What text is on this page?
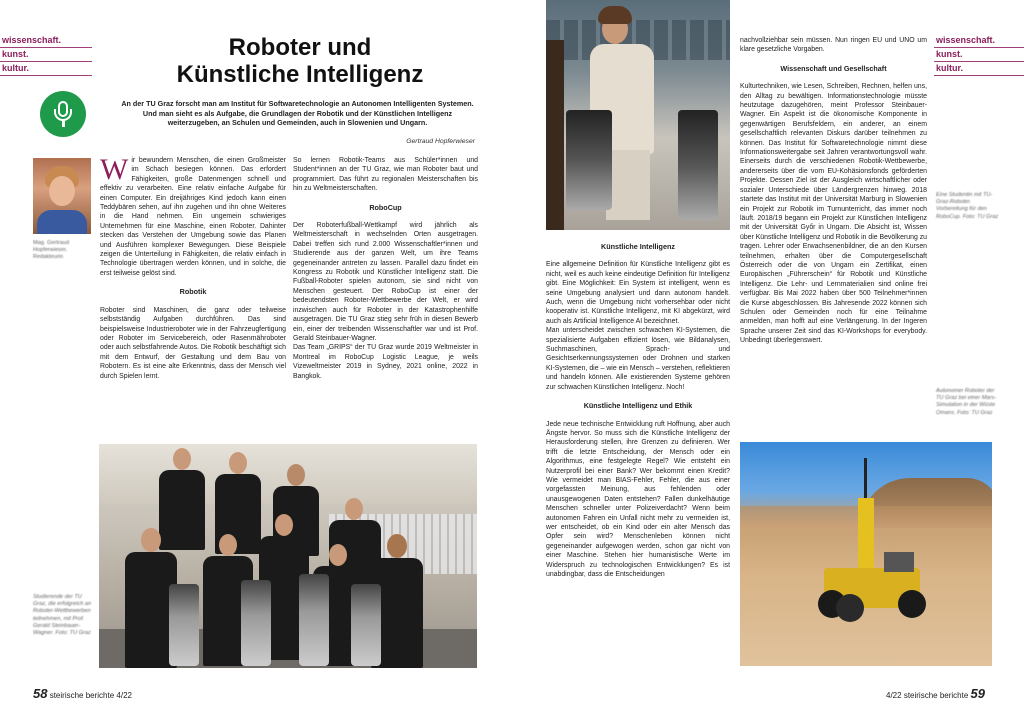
wissenschaft.
kunst.
kultur.
Roboter und
Künstliche Intelligenz
An der TU Graz forscht man am Institut für Softwaretechnologie an Autonomen Intelligenten Systemen. Und man sieht es als Aufgabe, die Grundlagen der Robotik und der Künstlichen Intelligenz weiterzugeben, an Schulen und Gemeinden, auch in Slowenien und Ungarn.
Gertraud Hopferwieser
Mag. Gertraud Hopferwieser, Redakteurin

Wir bewundern Menschen, die einen Großmeister im Schach besiegen können. Das erfordert Fähigkeiten, große Datenmengen schnell und effektiv zu verarbeiten. Eine relativ einfache Aufgabe für einen Computer. Ein dreijähriges Kind jedoch kann einen Teddybären sehen, auf ihn zugehen und ihn ohne Weiteres in die Hand nehmen. Ein ungemein schwieriges Unternehmen für eine Maschine, einen Roboter. Dahinter stecken das Verstehen der Umgebung sowie das Planen und Ausführen komplexer Bewegungen. Diese Beispiele zeigen die Unterteilung in Fähigkeiten, die relativ einfach in Technologie übertragen werden können, und in solche, die erst teilweise gelöst sind.

Robotik

Roboter sind Maschinen, die ganz oder teilweise selbstständig Aufgaben durchführen. Das sind beispielsweise Industrieroboter wie in der Fahrzeugfertigung oder Roboter im Servicebereich, oder Rasenmähroboter oder auch selbstfahrende Autos. Die Robotik beschäftigt sich mit dem Entwurf, der Gestaltung und dem Bau von Robotern. Es ist eine alte Erkenntnis, dass der Mensch viel durch Spielen lernt.

So lernen Robotik-Teams aus Schüler*innen und Student*innen an der TU Graz, wie man Roboter baut und programmiert. Das führt zu regionalen Meisterschaften bis hin zu Weltmeisterschaften.

RoboCup

Der Roboterfußball-Wettkampf wird jährlich als Weltmeisterschaft in wechselnden Orten ausgetragen. Dabei treffen sich rund 2.000 Wissenschaftler*innen und Studierende aus der ganzen Welt, um ihre Teams gegeneinander antreten zu lassen. Parallel dazu findet ein Kongress zu Robotik und Künstlicher Intelligenz statt. Die Fußball-Roboter spielen autonom, sie sind nicht von Menschen gesteuert. Der RoboCup ist einer der bedeutendsten Roboter-Wettbewerbe der Welt, er wird inzwischen auch für Roboter in der Katastrophenhilfe ausgetragen. Die TU Graz stieg sehr früh in diesen Bewerb ein, einer der treibenden Wissenschaftler war und ist Prof. Gerald Steinbauer-Wagner.

Das Team „GRIPS“ der TU Graz wurde 2019 Weltmeister in Montreal im RoboCup Logistic League, je weils Vizeweltmeister 2019 in Sydney, 2021 online, 2022 in Bangkok.

Studierende der TU Graz, die erfolgreich an Roboter-Wettbewerben teilnehmen, mit Prof. Gerald Steinbauer-Wagner. Foto: TU Graz
58 steirische berichte 4/22
wissenschaft.
kunst.
kultur.
Künstliche Intelligenz

Eine allgemeine Definition für Künstliche Intelligenz gibt es nicht, weil es auch keine eindeutige Definition für Intelligenz gibt. Eine Möglichkeit: Ein System ist intelligent, wenn es seine Umgebung analysiert und dann autonom handelt. Auch, wenn die Umgebung nicht vorhersehbar oder nicht kooperativ ist. Künstliche Intelligenz, mit KI abgekürzt, wird auch als Artificial Intelligence AI bezeichnet.

Man unterscheidet zwischen schwachen KI-Systemen, die spezialisierte Aufgaben effizient lösen, wie Bildanalysen, Suchmaschinen, Sprach- und Gesichtserkennungssystemen oder Drohnen und starken KI-Systemen, die – wie ein Mensch – verstehen, reflektieren und handeln können. Alle existierenden Systeme gehören zur schwachen Künstlichen Intelligenz. Noch!

Künstliche Intelligenz und Ethik

Jede neue technische Entwicklung ruft Hoffnung, aber auch Ängste hervor. So muss sich die Künstliche Intelligenz der Herausforderung stellen, ihre Grenzen zu definieren. Wer trifft die letzte Entscheidung, der Mensch oder ein Algorithmus, eine festgelegte Regel? Wie entsteht ein Nutzerprofil bei einer Bank? Wer bekommt einen Kredit? Wie vermeidet man BIAS-Fehler, Fehler, die aus einer vorgefassten Meinung, aus fehlenden oder unausgewogenen Daten entstehen? Fallen dunkelhäutige Menschen schneller unter Polizeiverdacht? Wenn beim autonomen Fahren ein Unfall nicht mehr zu vermeiden ist, wer entscheidet, ob ein Kind oder ein alter Mensch das Opfer sein wird? Menschenleben können nicht gegeneinander aufgewogen werden, schon gar nicht von einer Maschine. Stehen hier humanistische Werte im Widerspruch zu technologischen Entwicklungen? Es ist unabdingbar, dass die Entscheidungen

nachvollziehbar sein müssen. Nun ringen EU und UNO um klare gesetzliche Vorgaben.

Wissenschaft und Gesellschaft

Kulturtechniken, wie Lesen, Schreiben, Rechnen, helfen uns, den Alltag zu bewältigen. Informationstechnologie müsste heutzutage dazugehören, meint Professor Steinbauer-Wagner. Ein Aspekt ist die ökonomische Komponente in gegenwärtigen Berufsfeldern, ein anderer, an einem gesellschaftlich relevanten Diskurs darüber teilnehmen zu können. Das Institut für Softwaretechnologie nimmt diese Informationsweitergabe seit Jahren verantwortungsvoll wahr. Einerseits durch die verschiedenen Robotik-Wettbewerbe, andererseits über die vom EU-Kohäsionsfonds geförderten Projekte. Dessen Ziel ist der Ausgleich wirtschaftlicher oder sozialer Unterschiede über Ländergrenzen hinweg. 2018 startete das Institut mit der Universität Marburg in Slowenien ein Projekt zur Robotik im Turnunterricht, das immer noch läuft. 2018/19 begann ein Projekt zur Künstlichen Intelligenz mit der Universität Győr in Ungarn. Die Absicht ist, Wissen über Künstliche Intelligenz und Robotik in die Bevölkerung zu tragen. Lehrer oder Erwachsenenbildner, die an den Kursen teilnehmen, erhalten über die Computergesellschaft Österreich oder die von Ungarn ein Zertifikat, einen Europäischen „Führerschein“ für Robotik und Künstliche Intelligenz. Die Lehr- und Lernmaterialien sind online frei verfügbar. Bis Mai 2022 haben über 500 Teilnehmer*innen die Kurse abgeschlossen. Bis Jahresende 2022 können sich Schulen oder Gemeinden noch für eine Teilnahme anmelden, man hofft auf eine Verlängerung. In der Ingeren Sprache unserer Zeit sind das KI-Workshops for everybody. Unbedingt überlegenswert.

Eine Studentin mit TU-Graz-Roboter. Vorbereitung für den RoboCup. Foto: TU Graz
Autonomer Roboter der TU Graz bei einer Mars-Simulation in der Wüste Omans. Foto: TU Graz
4/22 steirische berichte 59
